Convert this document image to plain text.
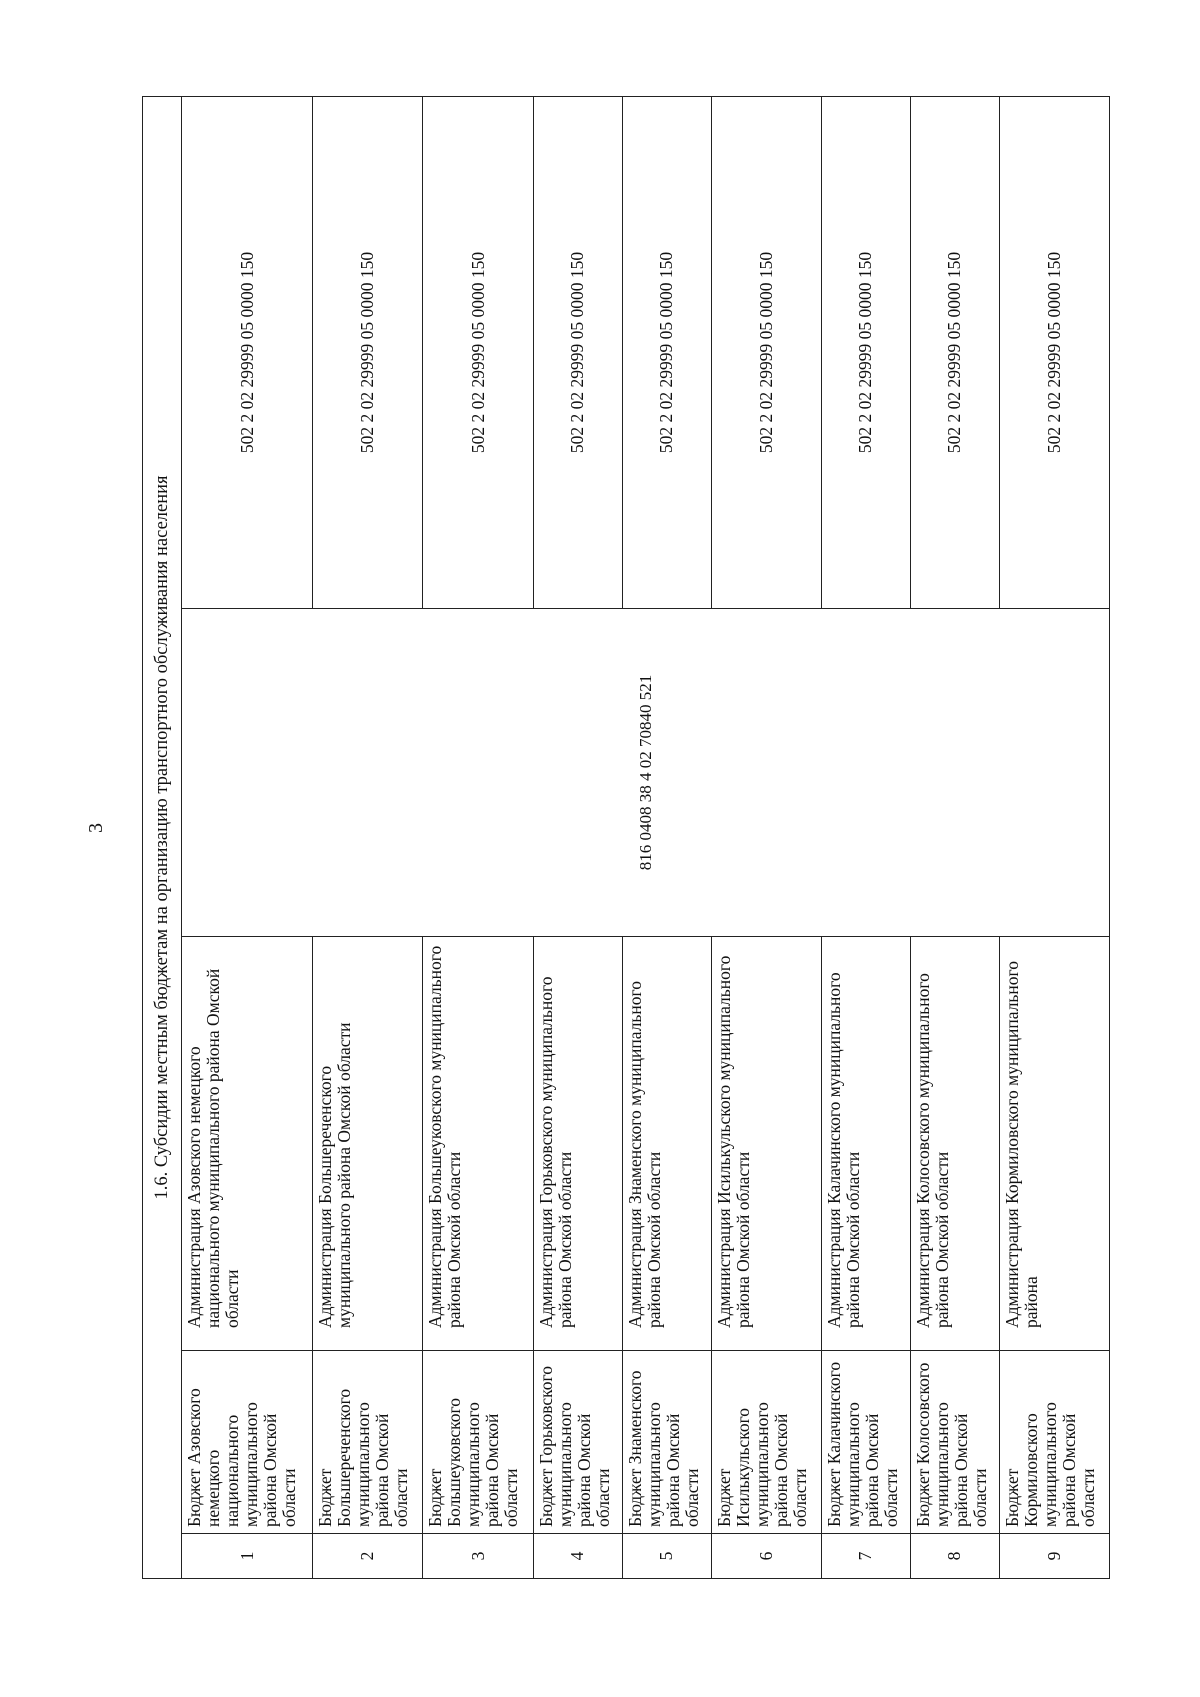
3 1.6. Субсидии местным бюджетам на организацию транспортного обслуживания населения				
1	Бюджет Азовского немецкого национального муниципального района Омской области	Администрация Азовского немецкого национального муниципального района Омской области	816 0408 38 4 02 70840 521	502 2 02 29999 05 0000 150
2	Бюджет Большереченского муниципального района Омской области	Администрация Большереченского муниципального района Омской области		502 2 02 29999 05 0000 150
3	Бюджет Большеуковского муниципального района Омской области	Администрация Большеуковского муниципального района Омской области		502 2 02 29999 05 0000 150
4	Бюджет Горьковского муниципального района Омской области	Администрация Горьковского муниципального района Омской области		502 2 02 29999 05 0000 150
5	Бюджет Знаменского муниципального района Омской области	Администрация Знаменского муниципального района Омской области		502 2 02 29999 05 0000 150
6	Бюджет Исилькульского муниципального района Омской области	Администрация Исилькульского муниципального района Омской области		502 2 02 29999 05 0000 150
7	Бюджет Калачинского муниципального района Омской области	Администрация Калачинского муниципального района Омской области		502 2 02 29999 05 0000 150
8	Бюджет Колосовского муниципального района Омской области	Администрация Колосовского муниципального района Омской области		502 2 02 29999 05 0000 150
9	Бюджет Кормиловского муниципального района Омской области	Администрация Кормиловского муниципального района		502 2 02 29999 05 0000 150
